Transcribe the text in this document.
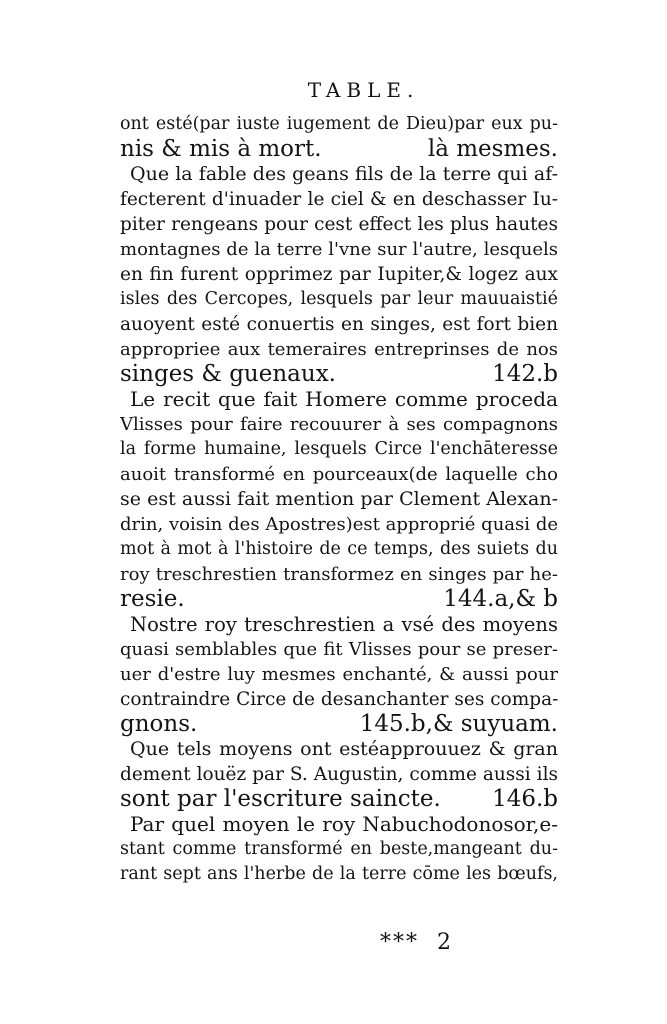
TABLE.
ont esté(par iuste iugement de Dieu)par eux pu-
nis & mis à mort.	là mesmes.
Que la fable des geans fils de la terre qui af-
fecterent d'inuader le ciel & en deschasser Iu-
piter rengeans pour cest effect les plus hautes
montagnes de la terre l'vne sur l'autre, lesquels
en fin furent opprimez par Iupiter,& logez aux
isles des Cercopes, lesquels par leur mauuaistié
auoyent esté conuertis en singes, est fort bien
appropriee aux temeraires entreprinses de nos
singes & guenaux.	142.b
Le recit que fait Homere comme proceda
Vlisses pour faire recouurer à ses compagnons
la forme humaine, lesquels Circe l'enchāteresse
auoit transformé en pourceaux(de laquelle cho
se est aussi fait mention par Clement Alexan-
drin, voisin des Apostres)est approprié quasi de
mot à mot à l'histoire de ce temps, des suiets du
roy treschrestien transformez en singes par he-
resie.	144.a,& b
Nostre roy treschrestien a vsé des moyens
quasi semblables que fit Vlisses pour se preser-
uer d'estre luy mesmes enchanté, & aussi pour
contraindre Circe de desanchanter ses compa-
gnons.	145.b,& suyuam.
Que tels moyens ont estéapprouuez & gran
dement louëz par S. Augustin, comme aussi ils
sont par l'escriture saincte. 146.b
Par quel moyen le roy Nabuchodonosor,e-
stant comme transformé en beste,mangeant du-
rant sept ans l'herbe de la terre cōme les bœufs,
*** 2
